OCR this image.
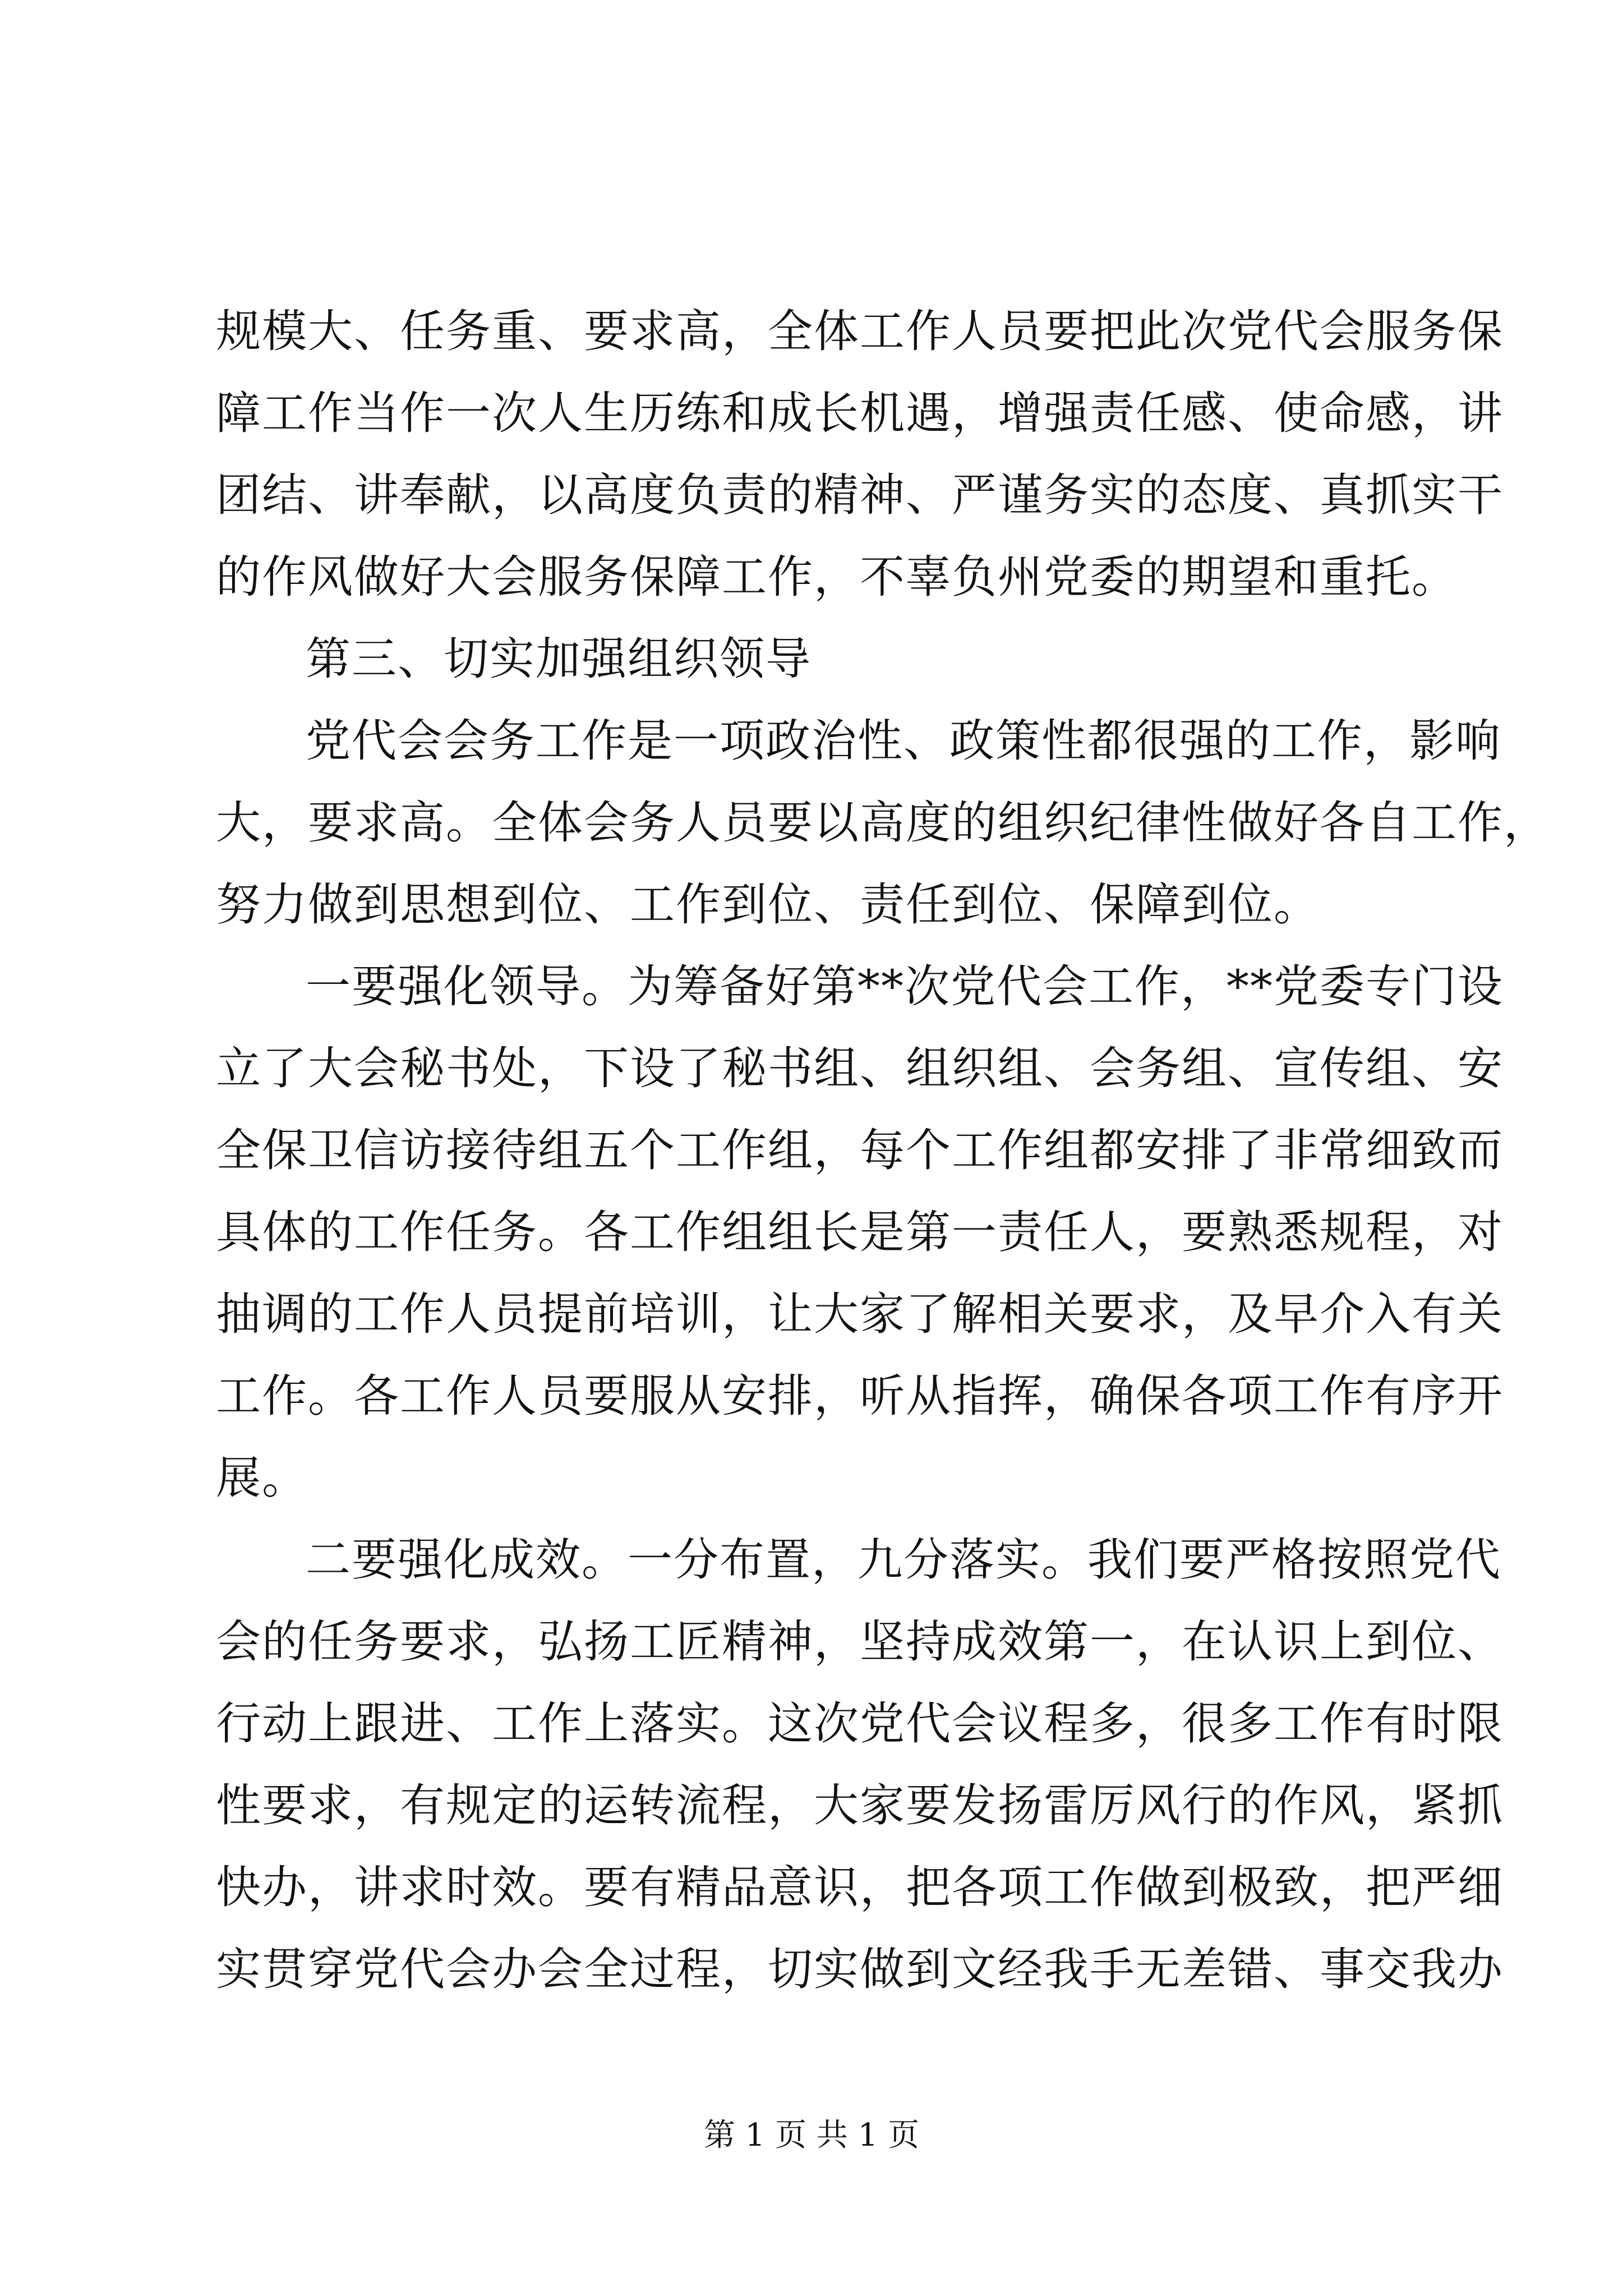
规模大、任务重、要求高，全体工作人员要把此次党代会服务保
障工作当作一次人生历练和成长机遇，增强责任感、使命感，讲
团结、讲奉献，以高度负责的精神、严谨务实的态度、真抓实干
的作风做好大会服务保障工作，不辜负州党委的期望和重托。
第三、切实加强组织领导
党代会会务工作是一项政治性、政策性都很强的工作，影响
大，要求高。全体会务人员要以高度的组织纪律性做好各自工作，
努力做到思想到位、工作到位、责任到位、保障到位。
一要强化领导。为筹备好第**次党代会工作，**党委专门设
立了大会秘书处，下设了秘书组、组织组、会务组、宣传组、安
全保卫信访接待组五个工作组，每个工作组都安排了非常细致而
具体的工作任务。各工作组组长是第一责任人，要熟悉规程，对
抽调的工作人员提前培训，让大家了解相关要求，及早介入有关
工作。各工作人员要服从安排，听从指挥，确保各项工作有序开
展。
二要强化成效。一分布置，九分落实。我们要严格按照党代
会的任务要求，弘扬工匠精神，坚持成效第一，在认识上到位、
行动上跟进、工作上落实。这次党代会议程多，很多工作有时限
性要求，有规定的运转流程，大家要发扬雷厉风行的作风，紧抓
快办，讲求时效。要有精品意识，把各项工作做到极致，把严细
实贯穿党代会办会全过程，切实做到文经我手无差错、事交我办
第 1 页 共 1 页
